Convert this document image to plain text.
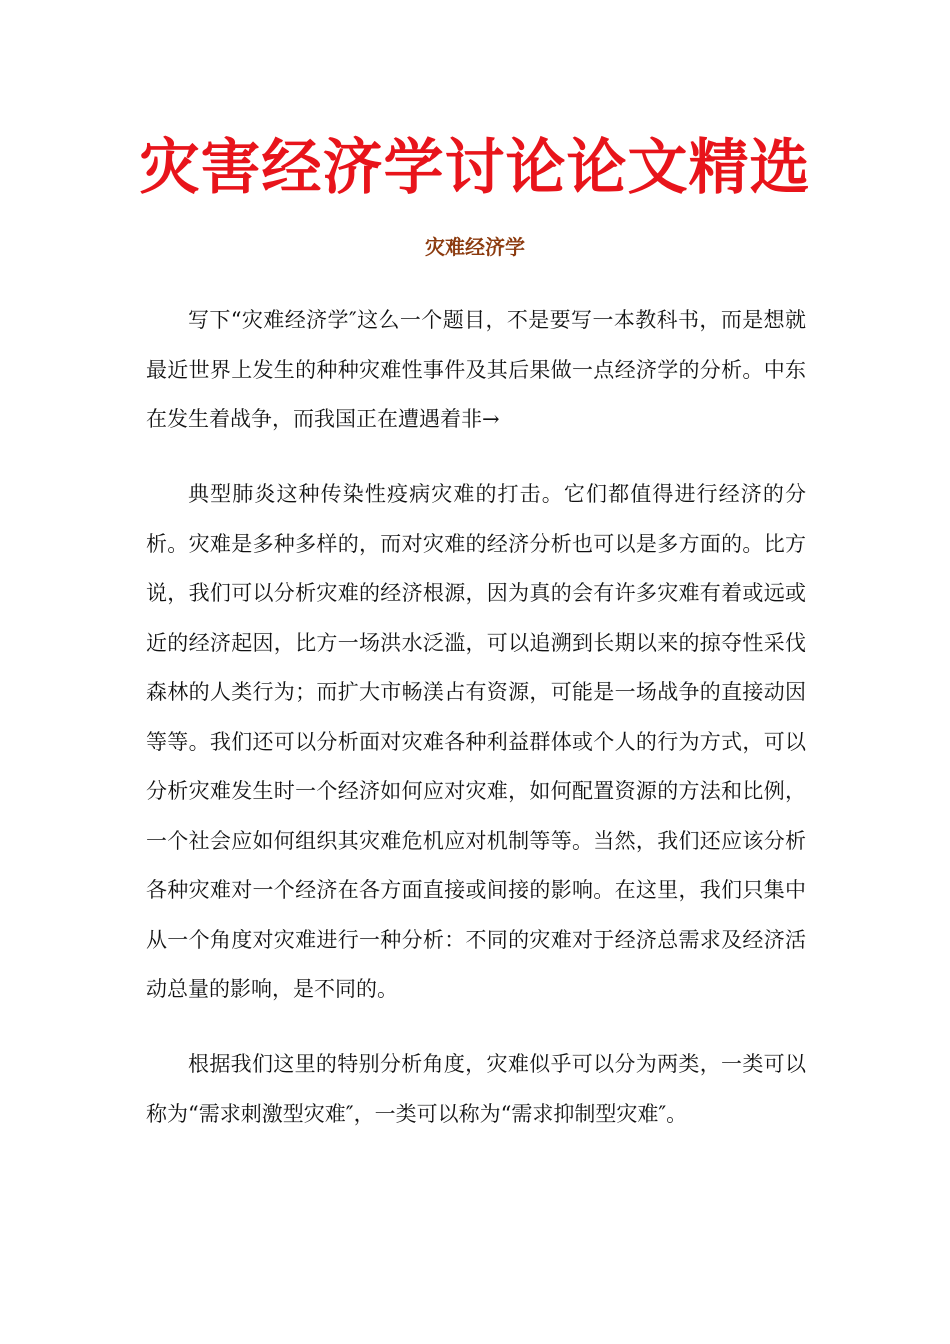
灾害经济学讨论论文精选
灾难经济学

写下“灾难经济学″这么一个题目，不是要写一本教科书，而是想就最近世界上发生的种种灾难性事件及其后果做一点经济学的分析。中东在发生着战争，而我国正在遭遇着非→

典型肺炎这种传染性疫病灾难的打击。它们都值得进行经济的分析。灾难是多种多样的，而对灾难的经济分析也可以是多方面的。比方说，我们可以分析灾难的经济根源，因为真的会有许多灾难有着或远或近的经济起因，比方一场洪水泛滥，可以追溯到长期以来的掠夺性采伐森林的人类行为；而扩大市畅渼占有资源，可能是一场战争的直接动因等等。我们还可以分析面对灾难各种利益群体或个人的行为方式，可以分析灾难发生时一个经济如何应对灾难，如何配置资源的方法和比例，一个社会应如何组织其灾难危机应对机制等等。当然，我们还应该分析各种灾难对一个经济在各方面直接或间接的影响。在这里，我们只集中从一个角度对灾难进行一种分析：不同的灾难对于经济总需求及经济活动总量的影响，是不同的。

根据我们这里的特别分析角度，灾难似乎可以分为两类，一类可以称为“需求刺激型灾难″，一类可以称为“需求抑制型灾难″。
